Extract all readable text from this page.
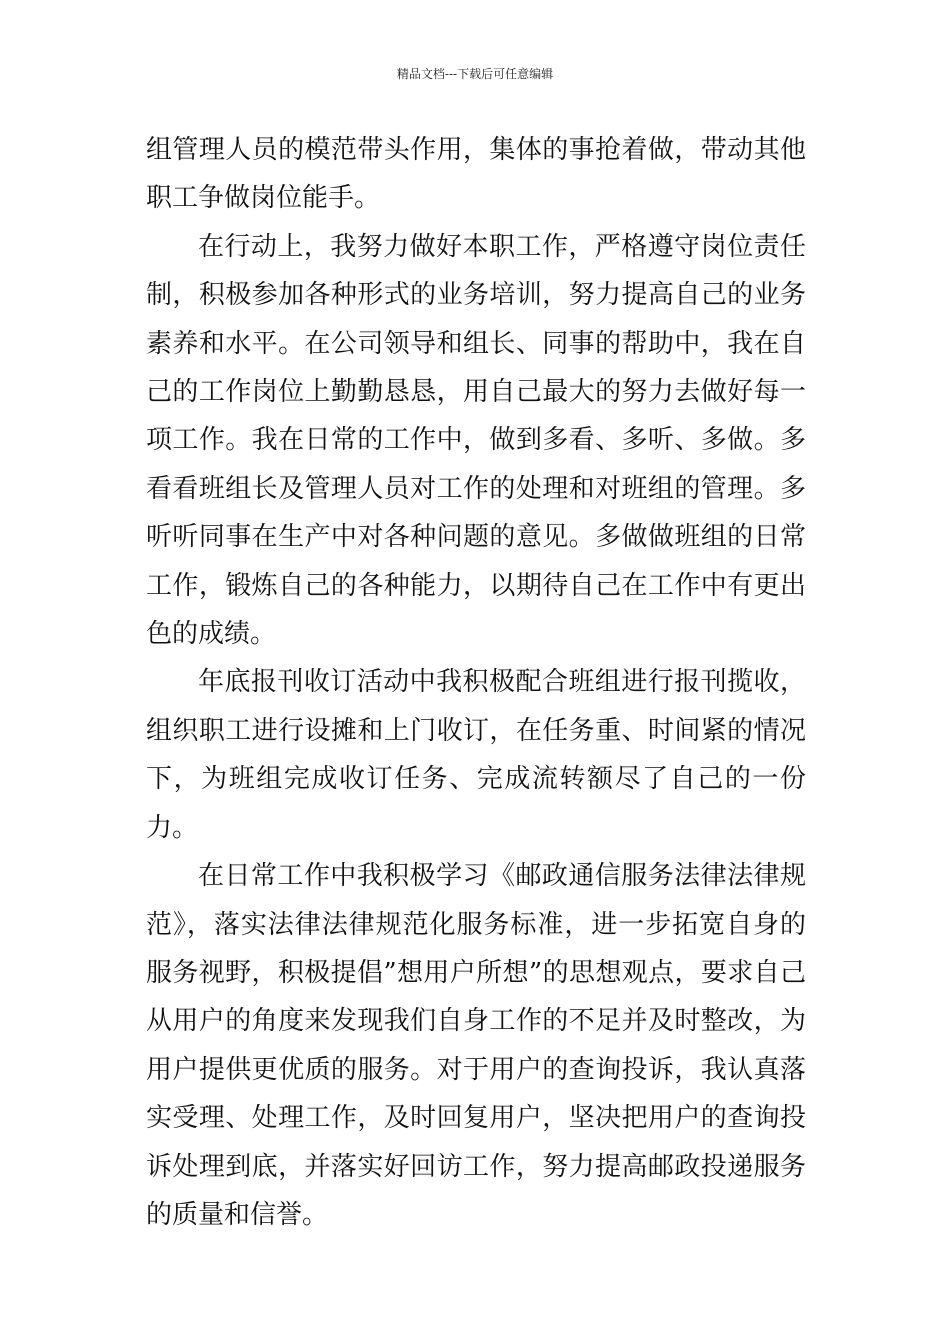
精品文档---下载后可任意编辑

组管理人员的模范带头作用，集体的事抢着做，带动其他职工争做岗位能手。

在行动上，我努力做好本职工作，严格遵守岗位责任制，积极参加各种形式的业务培训，努力提高自己的业务素养和水平。在公司领导和组长、同事的帮助中，我在自己的工作岗位上勤勤恳恳，用自己最大的努力去做好每一项工作。我在日常的工作中，做到多看、多听、多做。多看看班组长及管理人员对工作的处理和对班组的管理。多听听同事在生产中对各种问题的意见。多做做班组的日常工作，锻炼自己的各种能力，以期待自己在工作中有更出色的成绩。

年底报刊收订活动中我积极配合班组进行报刊揽收，组织职工进行设摊和上门收订，在任务重、时间紧的情况下，为班组完成收订任务、完成流转额尽了自己的一份力。

在日常工作中我积极学习《邮政通信服务法律法律规范》，落实法律法律规范化服务标准，进一步拓宽自身的服务视野，积极提倡”想用户所想”的思想观点，要求自己从用户的角度来发现我们自身工作的不足并及时整改，为用户提供更优质的服务。对于用户的查询投诉，我认真落实受理、处理工作，及时回复用户，坚决把用户的查询投诉处理到底，并落实好回访工作，努力提高邮政投递服务的质量和信誉。
